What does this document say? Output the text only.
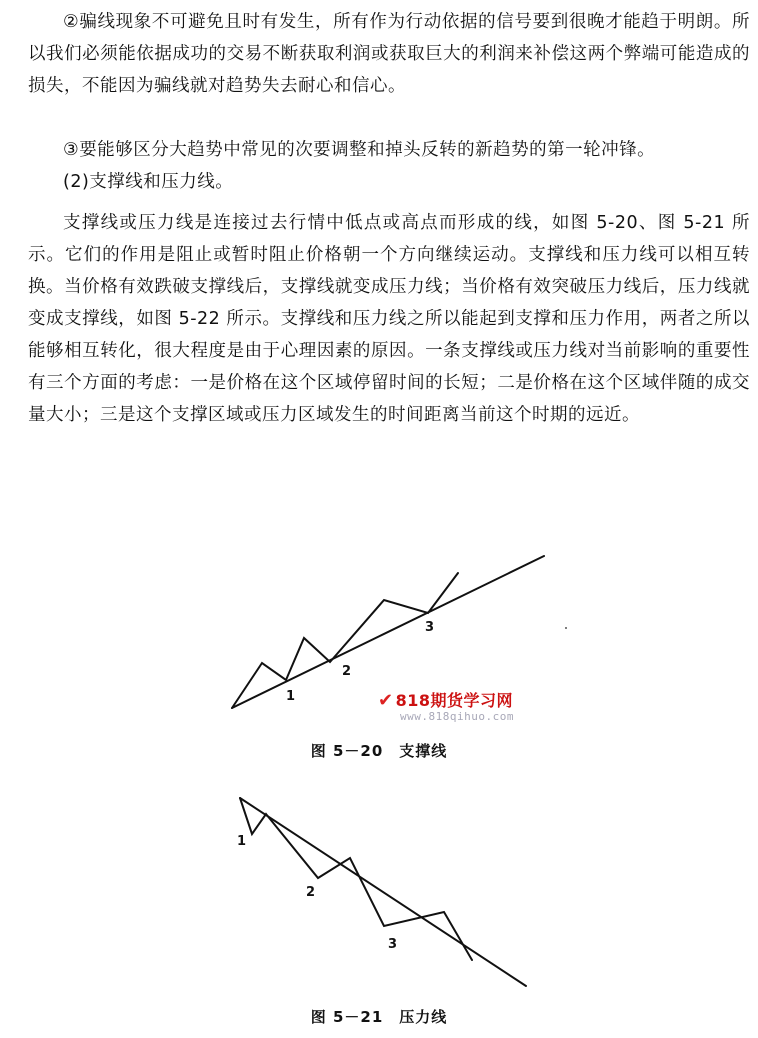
②骗线现象不可避免且时有发生，所有作为行动依据的信号要到很晚才能趋于明朗。所以我们必须能依据成功的交易不断获取利润或获取巨大的利润来补偿这两个弊端可能造成的损失，不能因为骗线就对趋势失去耐心和信心。

③要能够区分大趋势中常见的次要调整和掉头反转的新趋势的第一轮冲锋。

(2)支撑线和压力线。

支撑线或压力线是连接过去行情中低点或高点而形成的线，如图 5-20、图 5-21 所示。它们的作用是阻止或暂时阻止价格朝一个方向继续运动。支撑线和压力线可以相互转换。当价格有效跌破支撑线后，支撑线就变成压力线；当价格有效突破压力线后，压力线就变成支撑线，如图 5-22 所示。支撑线和压力线之所以能起到支撑和压力作用，两者之所以能够相互转化，很大程度是由于心理因素的原因。一条支撑线或压力线对当前影响的重要性有三个方面的考虑：一是价格在这个区域停留时间的长短；二是价格在这个区域伴随的成交量大小；三是这个支撑区域或压力区域发生的时间距离当前这个时期的远近。

1
2
3
✔ 818期货学习网
www.818qihuo.com
图 5－20　支撑线
1
2
3
图 5－21　压力线
